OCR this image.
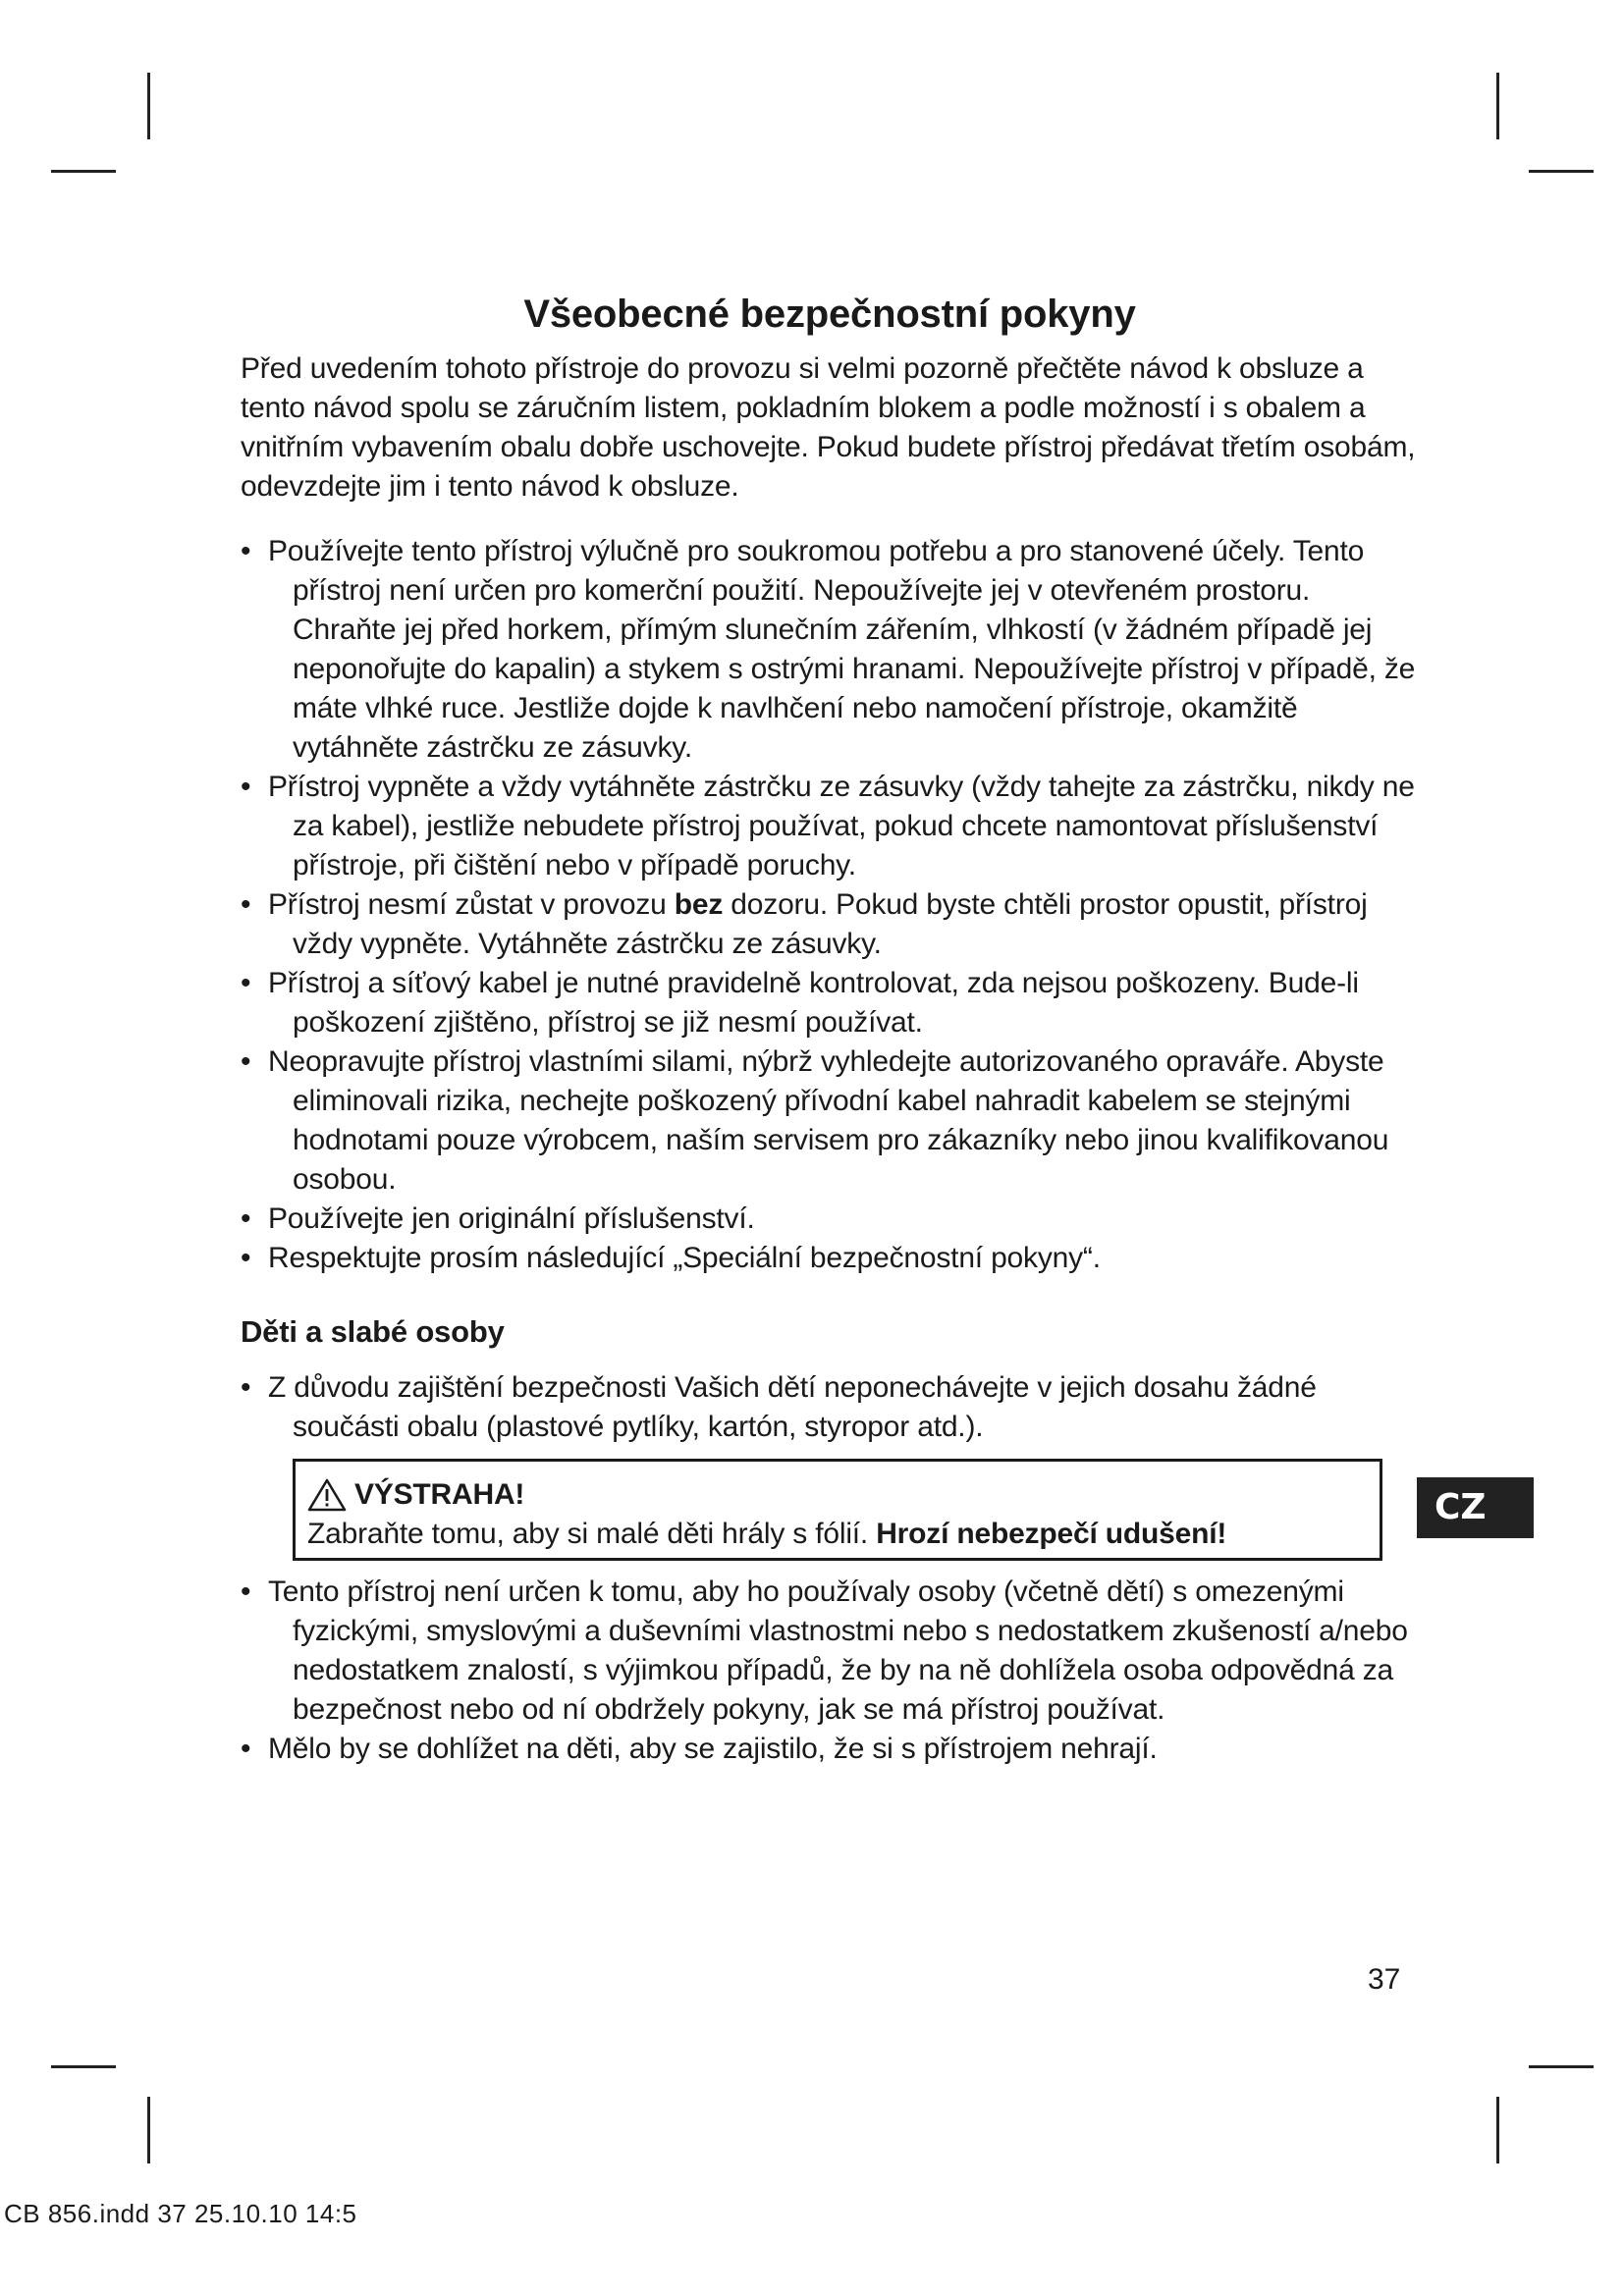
Všeobecné bezpečnostní pokyny

Před uvedením tohoto přístroje do provozu si velmi pozorně přečtěte návod k obsluze a tento návod spolu se záručním listem, pokladním blokem a podle možností i s obalem a vnitřním vybavením obalu dobře uschovejte. Pokud budete přístroj předávat třetím osobám, odevzdejte jim i tento návod k obsluze.

• Používejte tento přístroj výlučně pro soukromou potřebu a pro stanovené účely. Tento přístroj není určen pro komerční použití. Nepoužívejte jej v otevřeném prostoru. Chraňte jej před horkem, přímým slunečním zářením, vlhkostí (v žádném případě jej neponořujte do kapalin) a stykem s ostrými hranami. Nepoužívejte přístroj v případě, že máte vlhké ruce. Jestliže dojde k navlhčení nebo namočení přístroje, okamžitě vytáhněte zástrčku ze zásuvky.
• Přístroj vypněte a vždy vytáhněte zástrčku ze zásuvky (vždy tahejte za zástrčku, nikdy ne za kabel), jestliže nebudete přístroj používat, pokud chcete namontovat příslušenství přístroje, při čištění nebo v případě poruchy.
• Přístroj nesmí zůstat v provozu bez dozoru. Pokud byste chtěli prostor opustit, přístroj vždy vypněte. Vytáhněte zástrčku ze zásuvky.
• Přístroj a síťový kabel je nutné pravidelně kontrolovat, zda nejsou poškozeny. Bude-li poškození zjištěno, přístroj se již nesmí používat.
• Neopravujte přístroj vlastními silami, nýbrž vyhledejte autorizovaného opraváře. Abyste eliminovali rizika, nechejte poškozený přívodní kabel nahradit kabelem se stejnými hodnotami pouze výrobcem, naším servisem pro zákazníky nebo jinou kvalifikovanou osobou.
• Používejte jen originální příslušenství.
• Respektujte prosím následující „Speciální bezpečnostní pokyny“.
Děti a slabé osoby
• Z důvodu zajištění bezpečnosti Vašich dětí neponechávejte v jejich dosahu žádné součásti obalu (plastové pytlíky, kartón, styropor atd.).
VÝSTRAHA!
Zabraňte tomu, aby si malé děti hrály s fólií. Hrozí nebezpečí udušení!
• Tento přístroj není určen k tomu, aby ho používaly osoby (včetně dětí) s omezenými fyzickými, smyslovými a duševními vlastnostmi nebo s nedostatkem zkušeností a/nebo nedostatkem znalostí, s výjimkou případů, že by na ně dohlížela osoba odpovědná za bezpečnost nebo od ní obdržely pokyny, jak se má přístroj používat.
• Mělo by se dohlížet na děti, aby se zajistilo, že si s přístrojem nehrají.
CZ
37
CB 856.indd 37 25.10.10 14:5
